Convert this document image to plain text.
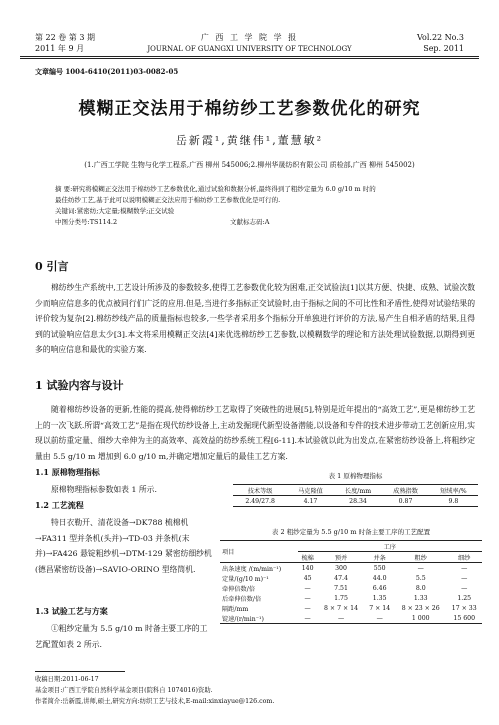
第 22 卷 第 3 期
2011 年 9 月
广 西 工 学 院 学 报
JOURNAL OF GUANGXI UNIVERSITY OF TECHNOLOGY
Vol.22 No.3
Sep. 2011
文章编号 1004-6410(2011)03-0082-05
模糊正交法用于棉纺纱工艺参数优化的研究
岳新霞¹,黄继伟¹,董慧敏²
(1.广西工学院 生物与化学工程系,广西 柳州 545006;2.柳州华晟纺织有限公司 质检部,广西 柳州 545002)
摘 要:研究将模糊正交法用于棉纺纱工艺参数优化,通过试验和数据分析,最终得到了粗纱定量为 6.0 g/10 m 时的
最佳纺纱工艺,基于此可以说明模糊正交法应用于棉纺纱工艺参数优化是可行的.
关键词:紧密纺;大定量;模糊数学;正交试验
中图分类号:TS114.2	文献标志码:A
0 引言
棉纺纱生产系统中,工艺设计所涉及的参数较多,使得工艺参数优化较为困难,正交试验法[1]以其方便、快捷、成熟、试验次数少而响应信息多的优点被同行们广泛的应用.但是,当进行多指标正交试验时,由于指标之间的不可比性和矛盾性,使得对试验结果的评价较为复杂[2].棉纺纱线产品的质量指标也较多,一些学者采用多个指标分开单独进行评价的方法,易产生自相矛盾的结果,且得到的试验响应信息太少[3].本文将采用模糊正交法[4]来优选棉纺纱工艺参数,以模糊数学的理论和方法处理试验数据,以期得到更多的响应信息和最优的实验方案.
1 试验内容与设计
随着棉纺纱设备的更新,性能的提高,使得棉纺纱工艺取得了突破性的进展[5],特别是近年提出的“高效工艺”,更是棉纺纱工艺上的一次飞跃.所谓“高效工艺”是指在现代纺纱设备上,主动发掘现代新型设备潜能,以设备和专件的技术进步带动工艺创新应用,实现以前纺重定量、细纱大牵伸为主的高效率、高效益的纺纱系统工程[6-11].本试验就以此为出发点,在紧密纺纱设备上,将粗纱定量由 5.5 g/10 m 增加到 6.0 g/10 m,并确定增加定量后的最佳工艺方案.
1.1 原棉物理指标
原棉物理指标参数如表 1 所示.
1.2 工艺流程
特日衣勒开、清花设备→DK788 梳棉机→FA311 型并条机(头并)→TD-03 并条机(末并)→FA426 悬锭粗纱机→DTM-129 紧密纺细纱机(德昌紧密纺设备)→SAVIO-ORINO 型络筒机.
1.3 试验工艺与方案
①粗纱定量为 5.5 g/10 m 时备主要工序的工艺配置如表 2 所示.
表 1 原棉物理指标
技术等级	马克隆值	长度/mm	成熟指数	短绒率/%
2.49/27.8	4.17	28.34	0.87	9.8
表 2 粗纱定量为 5.5 g/10 m 时备主要工序的工艺配置
项目	工序				
	梳棉	预并	并条	粗纱	细纱
出条速度 /(m/min⁻¹)	140	300	550	—	—
定量/(g/10 m)⁻¹	45	47.4	44.0	5.5	—
牵伸倍数/倍	—	7.51	6.46	8.0	—
后牵伸倍数/倍	—	1.75	1.35	1.33	1.25
隔距/mm	—	8 × 7 × 14	7 × 14	8 × 23 × 26	17 × 33
锭速/(r/min⁻¹)	—	—	—	1 000	15 600
收稿日期:2011-06-17
基金项目:广西工学院自然科学基金项目(院科自 1074016)资助.
作者简介:岳新霞,讲师,硕士,研究方向:纺织工艺与技术,E-mail:xinxiayue@126.com.
